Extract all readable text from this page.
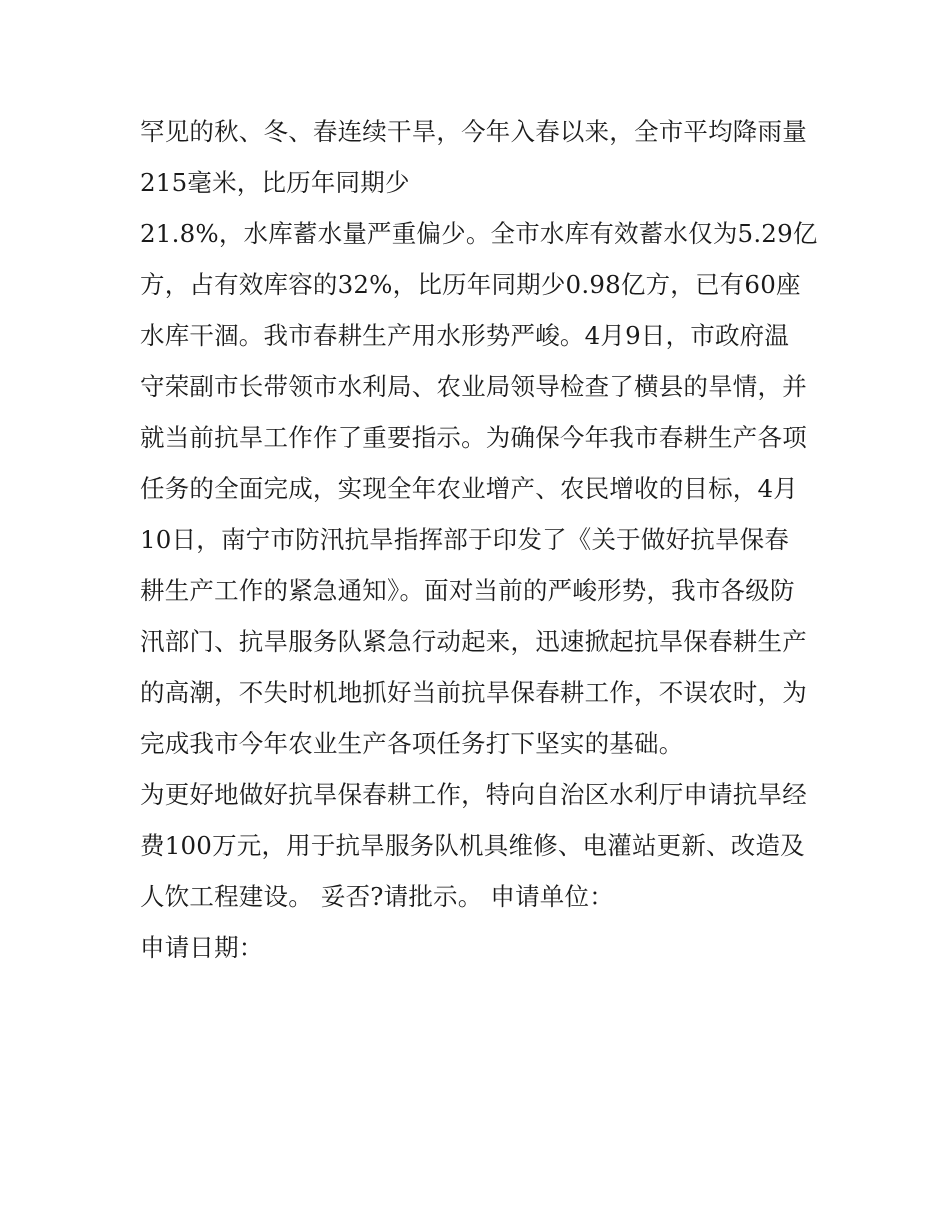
罕见的秋、冬、春连续干旱，今年入春以来，全市平均降雨量
215毫米，比历年同期少
21.8%，水库蓄水量严重偏少。全市水库有效蓄水仅为5.29亿
方，占有效库容的32%，比历年同期少0.98亿方，已有60座
水库干涸。我市春耕生产用水形势严峻。4月9日，市政府温
守荣副市长带领市水利局、农业局领导检查了横县的旱情，并
就当前抗旱工作作了重要指示。为确保今年我市春耕生产各项
任务的全面完成，实现全年农业增产、农民增收的目标，4月
10日，南宁市防汛抗旱指挥部于印发了《关于做好抗旱保春
耕生产工作的紧急通知》。面对当前的严峻形势，我市各级防
汛部门、抗旱服务队紧急行动起来，迅速掀起抗旱保春耕生产
的高潮，不失时机地抓好当前抗旱保春耕工作，不误农时，为
完成我市今年农业生产各项任务打下坚实的基础。
为更好地做好抗旱保春耕工作，特向自治区水利厅申请抗旱经
费100万元，用于抗旱服务队机具维修、电灌站更新、改造及
人饮工程建设。 妥否?请批示。 申请单位：
申请日期：
